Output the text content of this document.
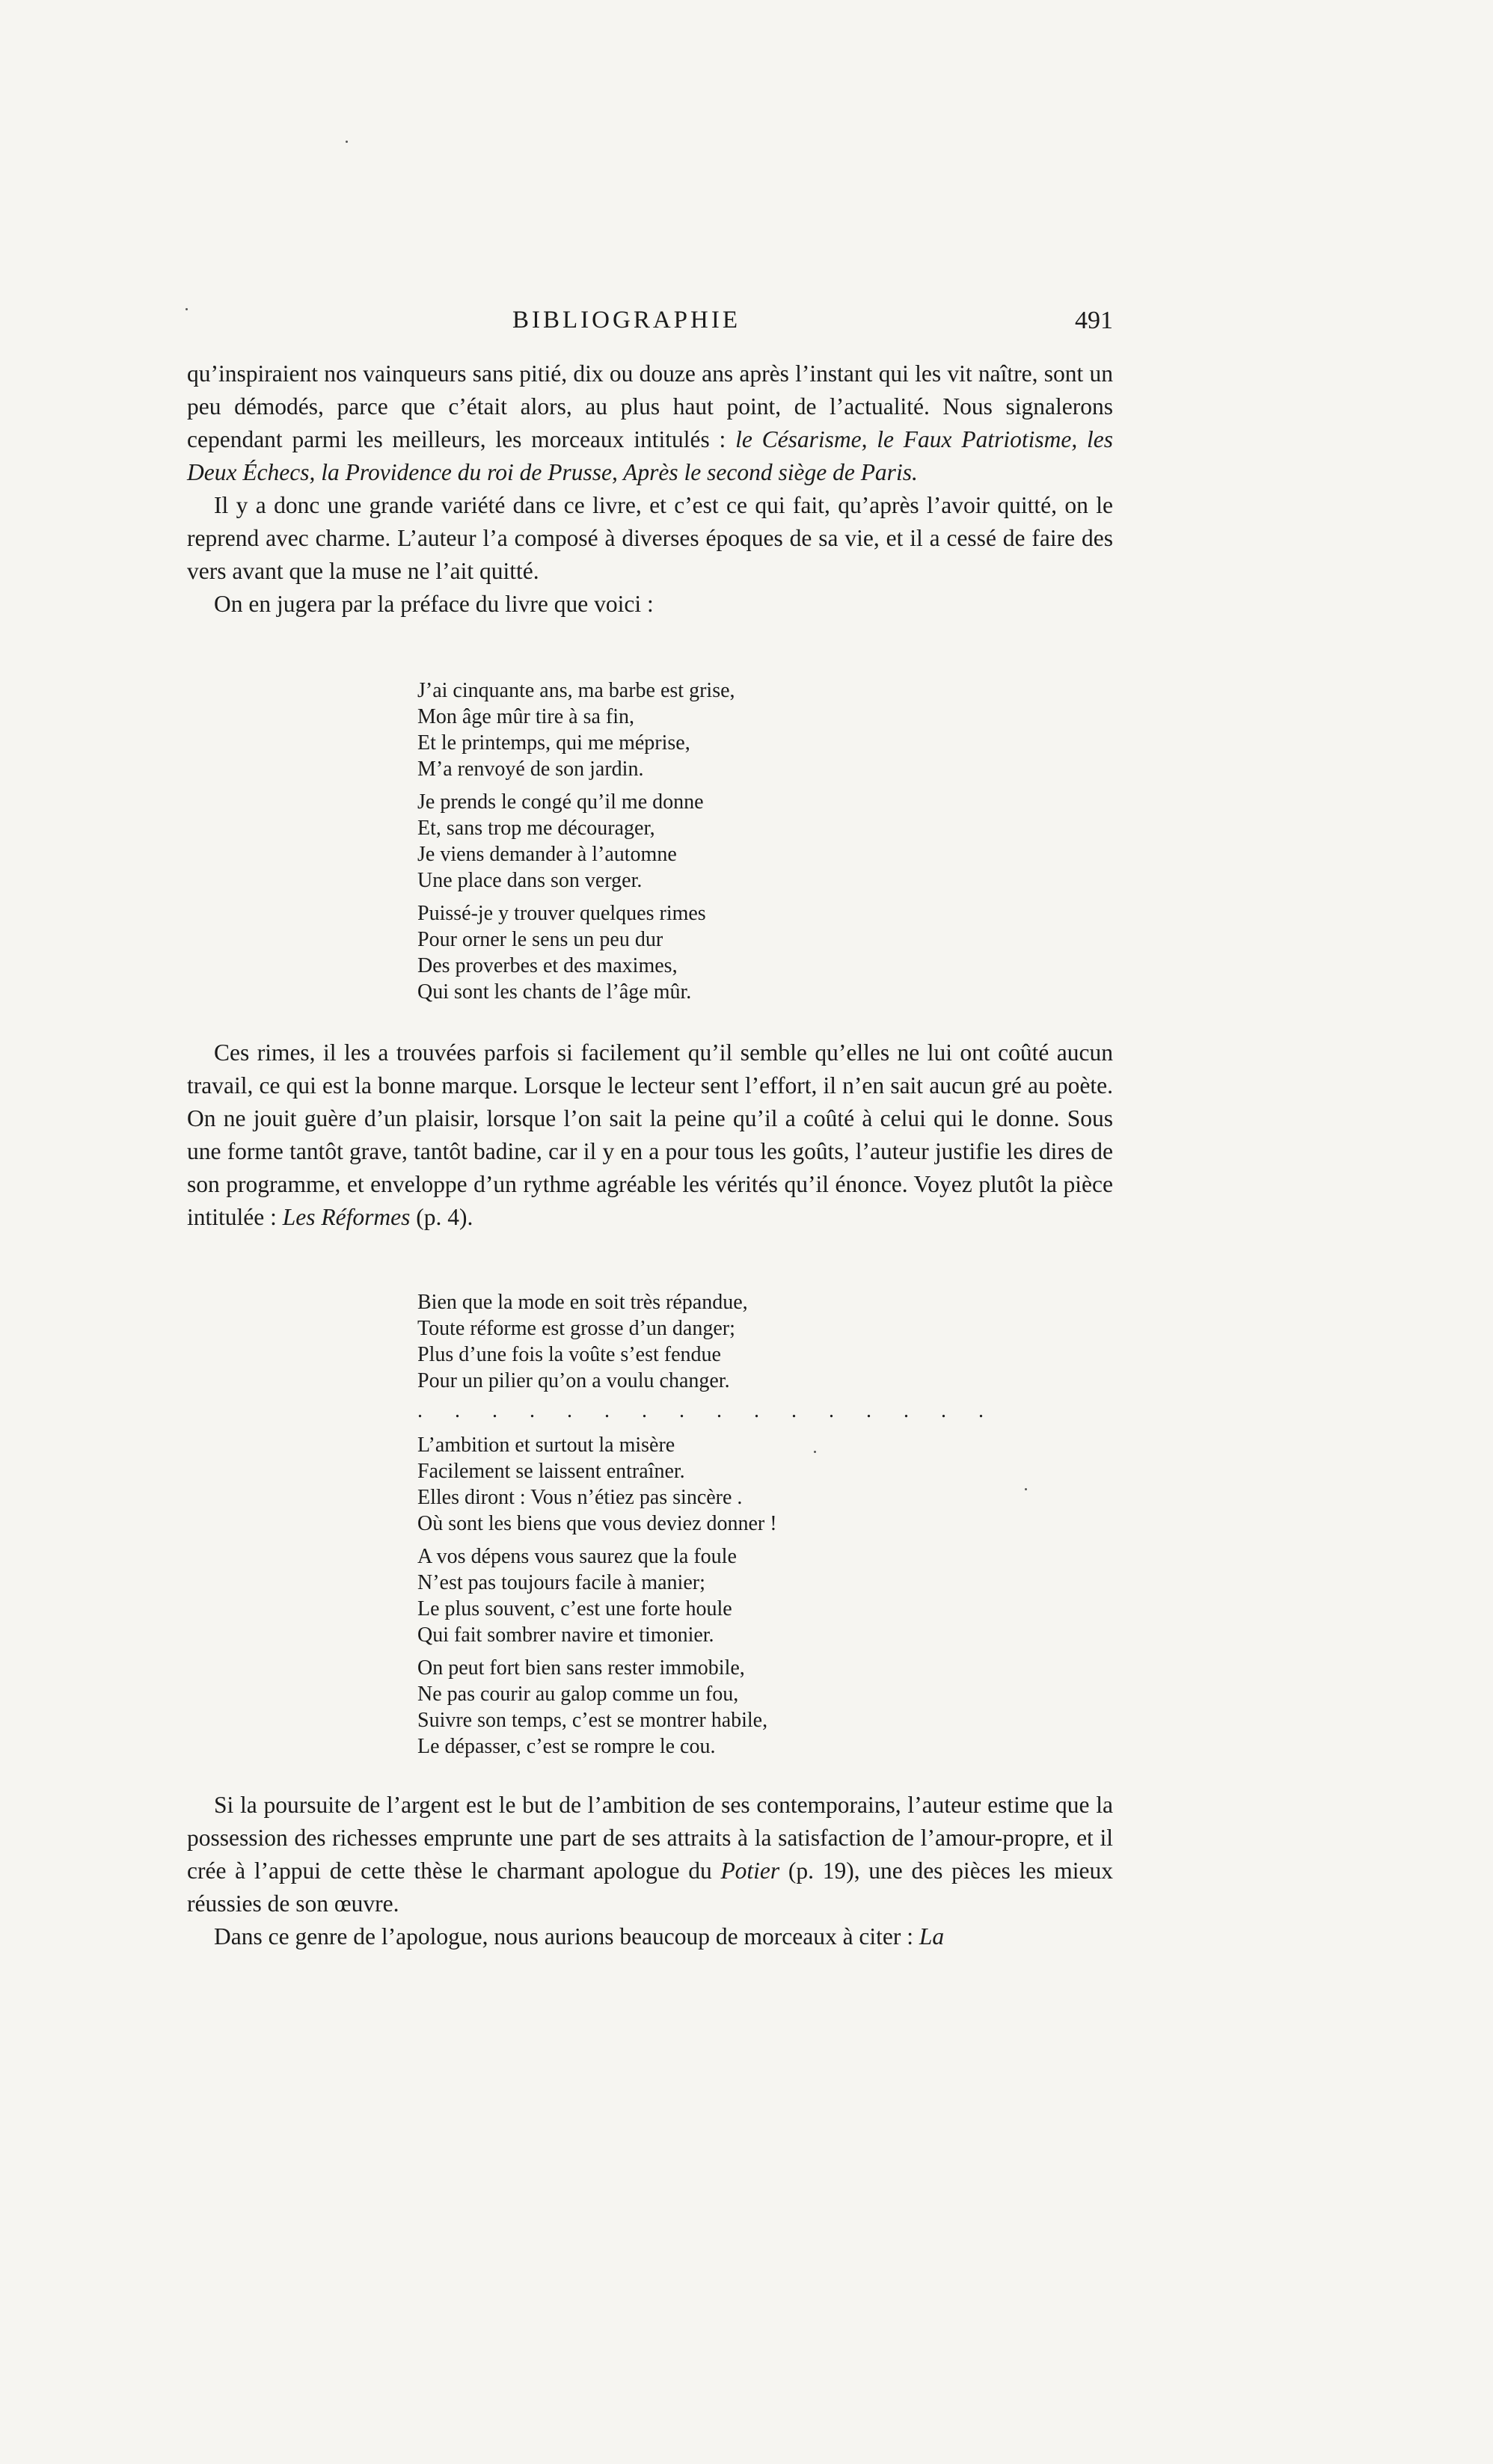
BIBLIOGRAPHIE	491

qu’inspiraient nos vainqueurs sans pitié, dix ou douze ans après l’instant qui les vit naître, sont un peu démodés, parce que c’était alors, au plus haut point, de l’actualité. Nous signalerons cependant parmi les meilleurs, les morceaux intitulés : le Césarisme, le Faux Patriotisme, les Deux Échecs, la Providence du roi de Prusse, Après le second siège de Paris.

Il y a donc une grande variété dans ce livre, et c’est ce qui fait, qu’après l’avoir quitté, on le reprend avec charme. L’auteur l’a composé à diverses époques de sa vie, et il a cessé de faire des vers avant que la muse ne l’ait quitté.

On en jugera par la préface du livre que voici :

J’ai cinquante ans, ma barbe est grise,
Mon âge mûr tire à sa fin,
Et le printemps, qui me méprise,
M’a renvoyé de son jardin.
Je prends le congé qu’il me donne
Et, sans trop me décourager,
Je viens demander à l’automne
Une place dans son verger.
Puissé-je y trouver quelques rimes
Pour orner le sens un peu dur
Des proverbes et des maximes,
Qui sont les chants de l’âge mûr.

Ces rimes, il les a trouvées parfois si facilement qu’il semble qu’elles ne lui ont coûté aucun travail, ce qui est la bonne marque. Lorsque le lecteur sent l’effort, il n’en sait aucun gré au poète. On ne jouit guère d’un plaisir, lorsque l’on sait la peine qu’il a coûté à celui qui le donne. Sous une forme tantôt grave, tantôt badine, car il y en a pour tous les goûts, l’auteur justifie les dires de son programme, et enveloppe d’un rythme agréable les vérités qu’il énonce. Voyez plutôt la pièce intitulée : Les Réformes (p. 4).

Bien que la mode en soit très répandue,
Toute réforme est grosse d’un danger;
Plus d’une fois la voûte s’est fendue
Pour un pilier qu’on a voulu changer.
. . . . . . . . . . . . . . . .
L’ambition et surtout la misère
Facilement se laissent entraîner.
Elles diront : Vous n’étiez pas sincère .
Où sont les biens que vous deviez donner !
A vos dépens vous saurez que la foule
N’est pas toujours facile à manier;
Le plus souvent, c’est une forte houle
Qui fait sombrer navire et timonier.
On peut fort bien sans rester immobile,
Ne pas courir au galop comme un fou,
Suivre son temps, c’est se montrer habile,
Le dépasser, c’est se rompre le cou.

Si la poursuite de l’argent est le but de l’ambition de ses contemporains, l’auteur estime que la possession des richesses emprunte une part de ses attraits à la satisfaction de l’amour-propre, et il crée à l’appui de cette thèse le charmant apologue du Potier (p. 19), une des pièces les mieux réussies de son œuvre.

Dans ce genre de l’apologue, nous aurions beaucoup de morceaux à citer : La
